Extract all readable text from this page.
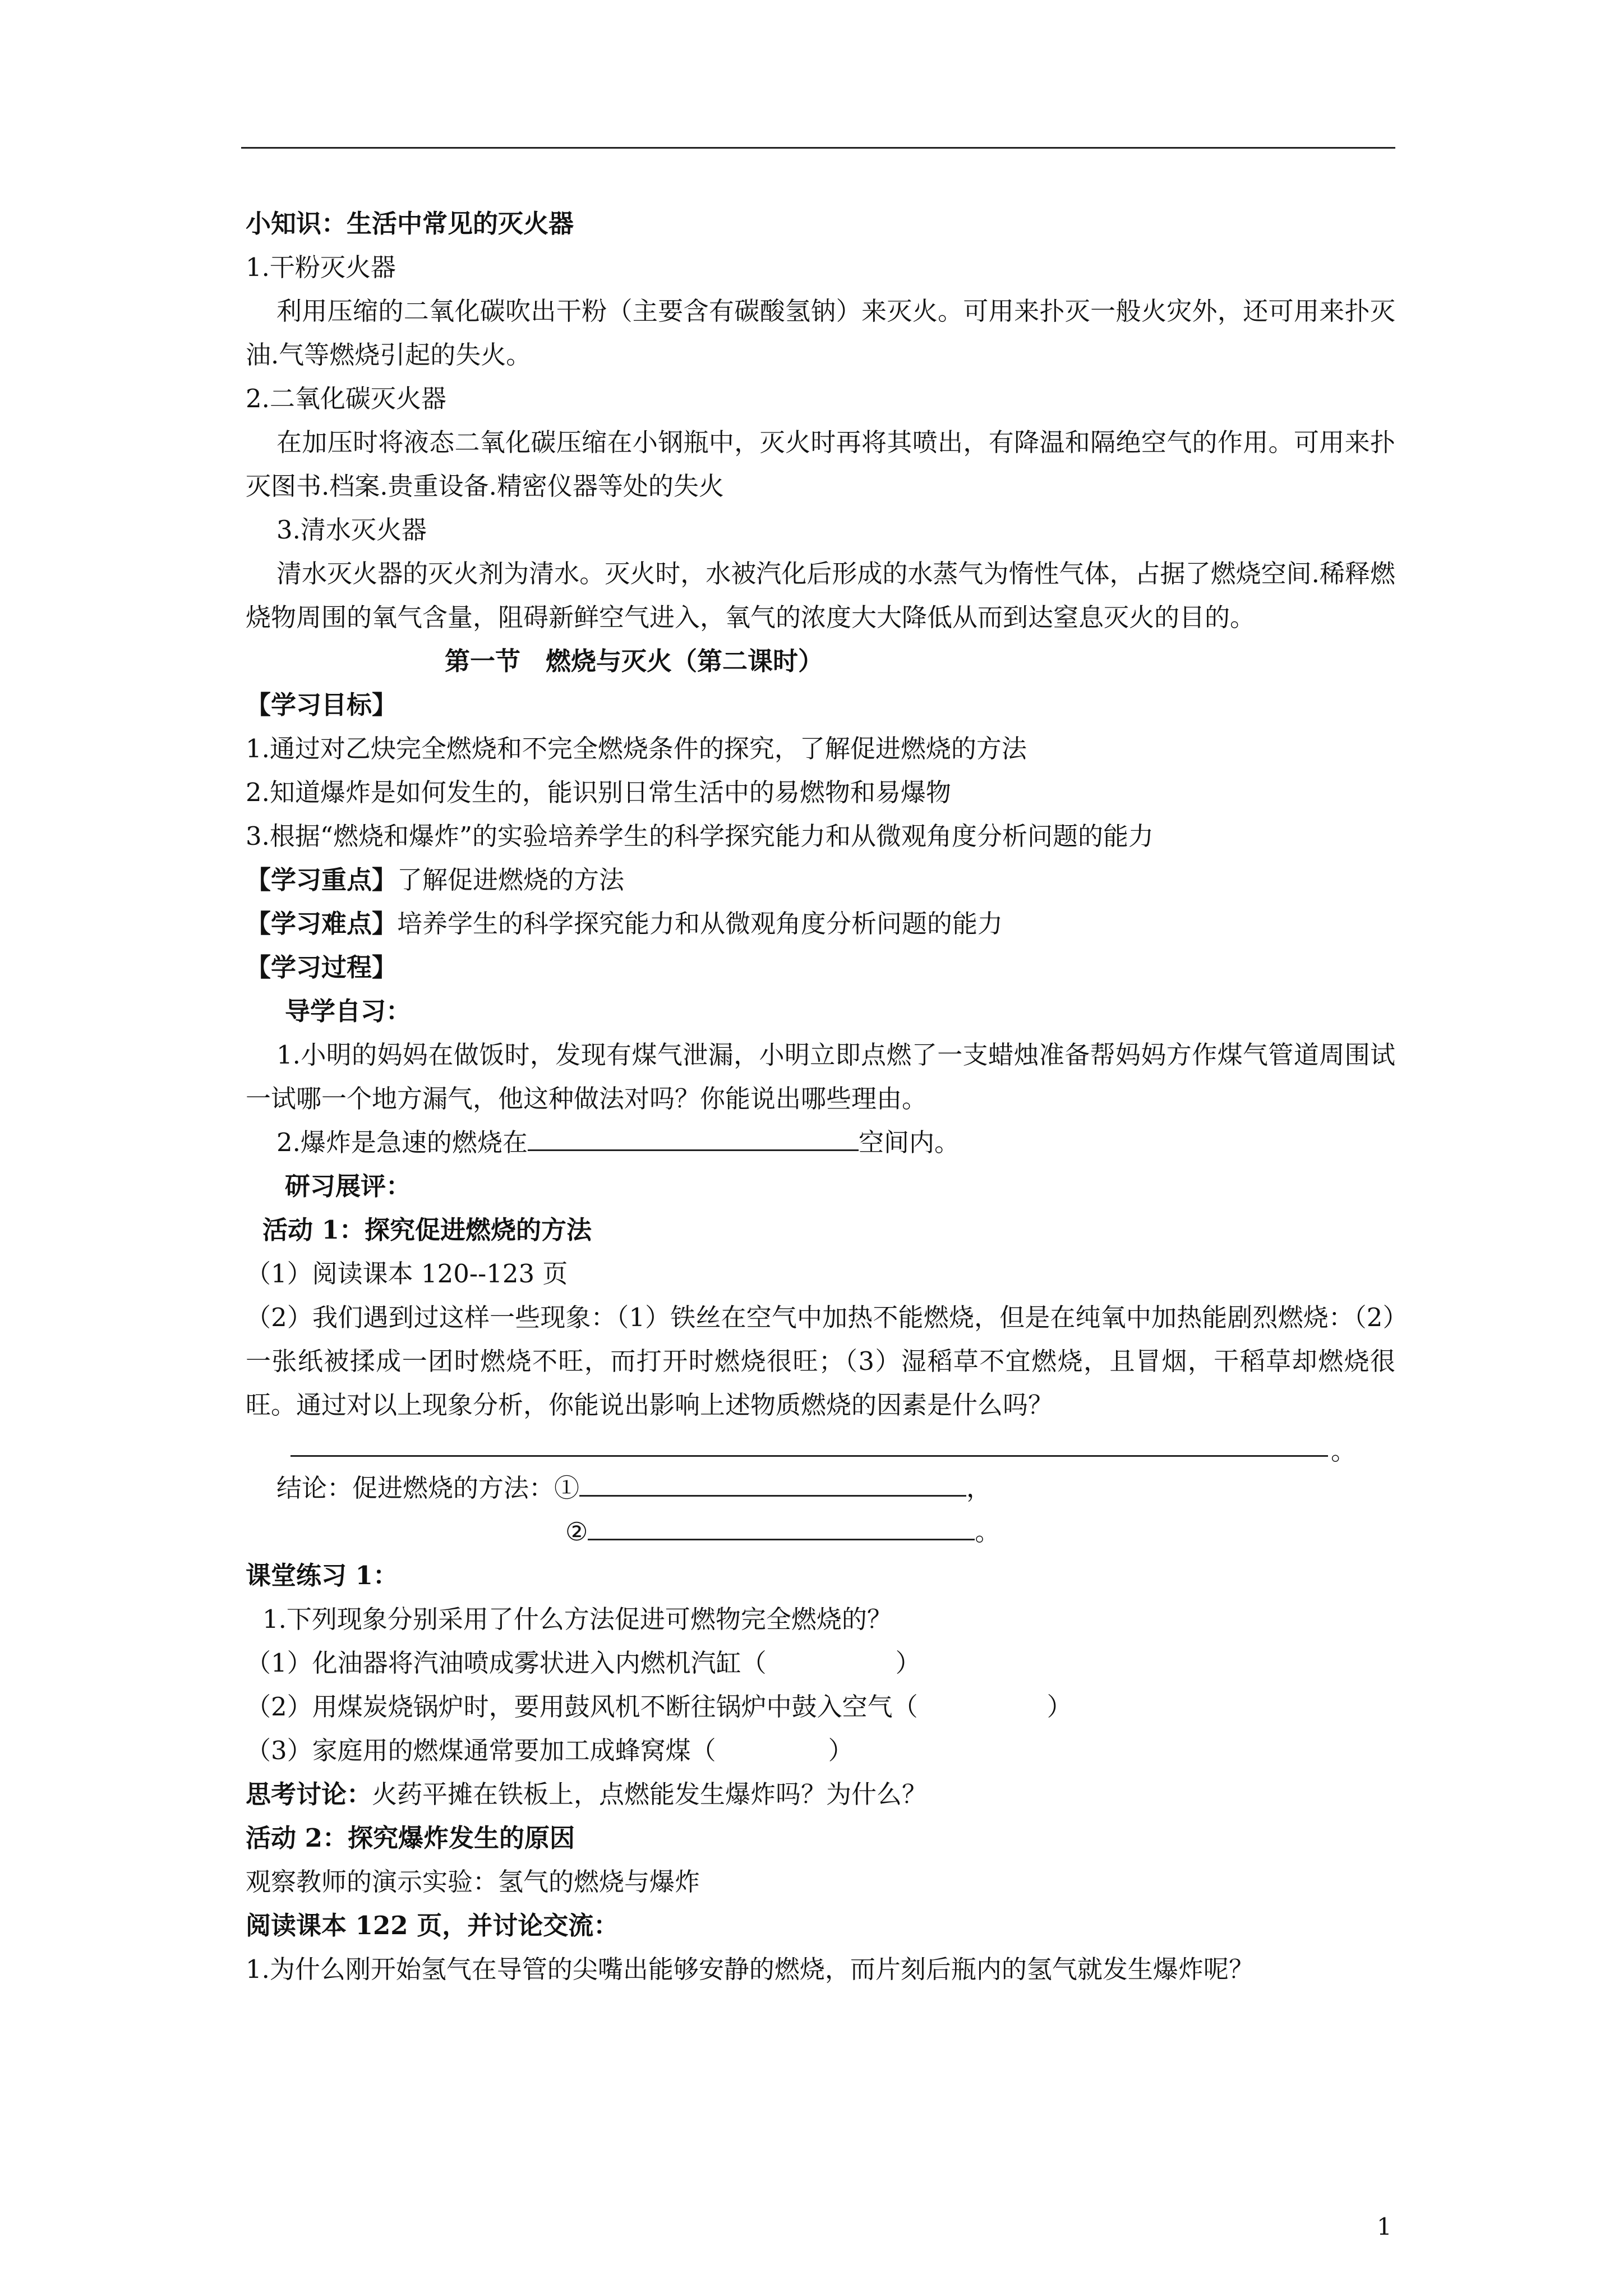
小知识：生活中常见的灭火器
1.干粉灭火器
利用压缩的二氧化碳吹出干粉（主要含有碳酸氢钠）来灭火。可用来扑灭一般火灾外，还可用来扑灭油.气等燃烧引起的失火。
2.二氧化碳灭火器
在加压时将液态二氧化碳压缩在小钢瓶中，灭火时再将其喷出，有降温和隔绝空气的作用。可用来扑灭图书.档案.贵重设备.精密仪器等处的失火
3.清水灭火器
清水灭火器的灭火剂为清水。灭火时，水被汽化后形成的水蒸气为惰性气体，占据了燃烧空间.稀释燃烧物周围的氧气含量，阻碍新鲜空气进入，氧气的浓度大大降低从而到达窒息灭火的目的。
第一节　燃烧与灭火（第二课时）
【学习目标】
1.通过对乙炔完全燃烧和不完全燃烧条件的探究，了解促进燃烧的方法
2.知道爆炸是如何发生的，能识别日常生活中的易燃物和易爆物
3.根据“燃烧和爆炸”的实验培养学生的科学探究能力和从微观角度分析问题的能力
【学习重点】了解促进燃烧的方法
【学习难点】培养学生的科学探究能力和从微观角度分析问题的能力
【学习过程】
导学自习：
1.小明的妈妈在做饭时，发现有煤气泄漏，小明立即点燃了一支蜡烛准备帮妈妈方作煤气管道周围试一试哪一个地方漏气，他这种做法对吗？你能说出哪些理由。
2.爆炸是急速的燃烧在	空间内。
研习展评：
活动 1：探究促进燃烧的方法
（1）阅读课本 120--123 页
（2）我们遇到过这样一些现象：（1）铁丝在空气中加热不能燃烧，但是在纯氧中加热能剧烈燃烧：（2）一张纸被揉成一团时燃烧不旺，而打开时燃烧很旺；（3）湿稻草不宜燃烧，且冒烟，干稻草却燃烧很旺。通过对以上现象分析，你能说出影响上述物质燃烧的因素是什么吗？
。
结论：促进燃烧的方法：①	，
②	。
课堂练习 1：
1.下列现象分别采用了什么方法促进可燃物完全燃烧的？
（1）化油器将汽油喷成雾状进入内燃机汽缸（	）
（2）用煤炭烧锅炉时，要用鼓风机不断往锅炉中鼓入空气（	）
（3）家庭用的燃煤通常要加工成蜂窝煤（	）
思考讨论：火药平摊在铁板上，点燃能发生爆炸吗？为什么？
活动 2：探究爆炸发生的原因
观察教师的演示实验：氢气的燃烧与爆炸
阅读课本 122 页，并讨论交流：
1.为什么刚开始氢气在导管的尖嘴出能够安静的燃烧，而片刻后瓶内的氢气就发生爆炸呢？
1
